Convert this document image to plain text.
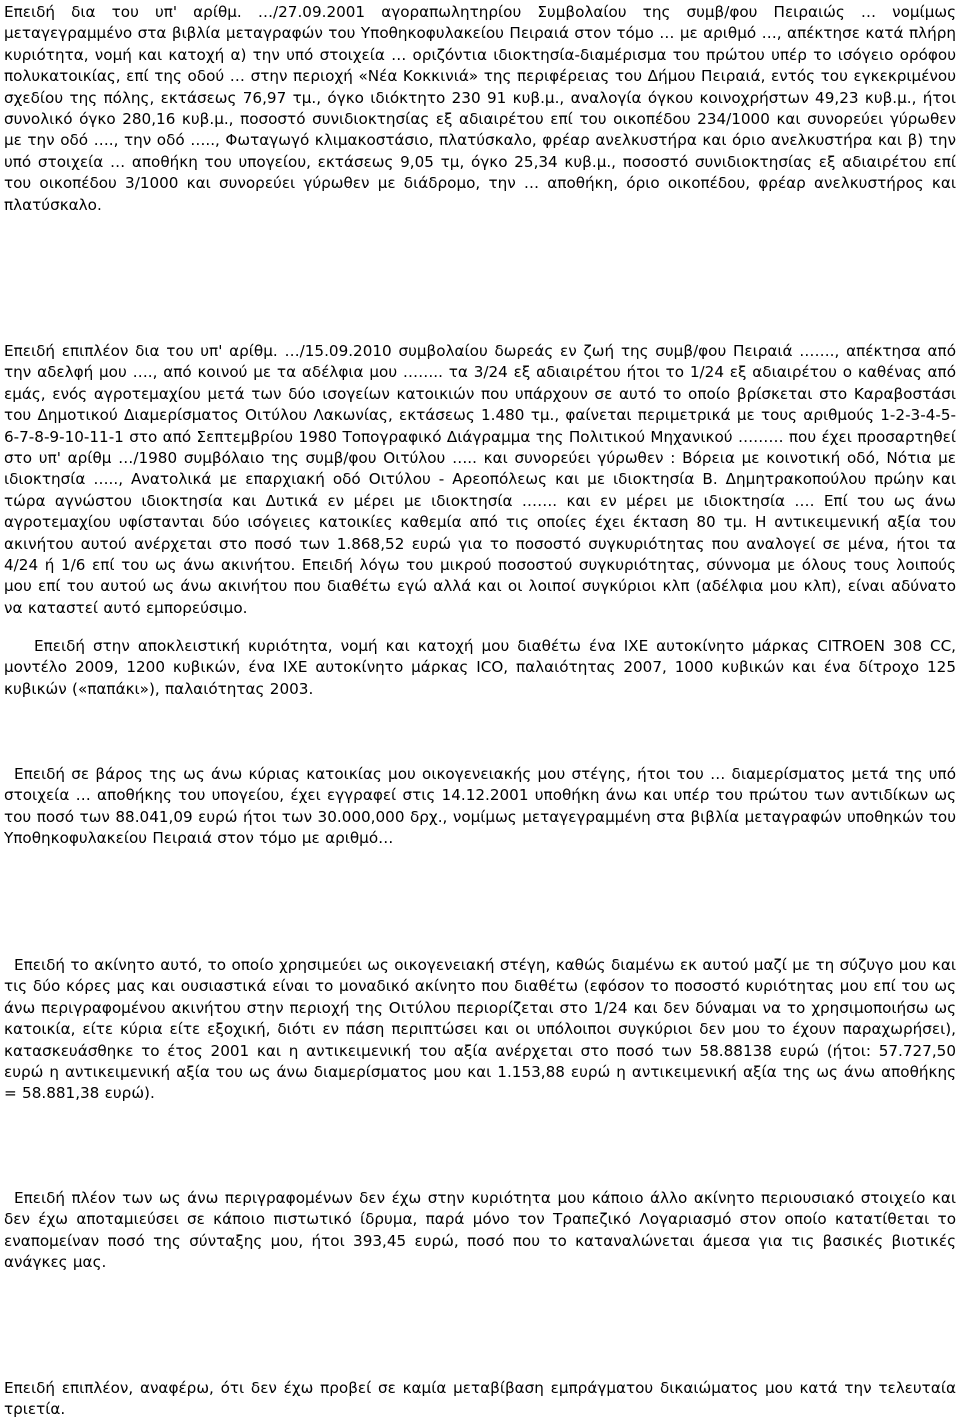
Επειδή δια του υπ' αρίθμ. …/27.09.2001 αγοραπωλητηρίου Συμβολαίου της συμβ/φου Πειραιώς … νομίμως μεταγεγραμμένο στα βιβλία μεταγραφών του Υποθηκοφυλακείου Πειραιά στον τόμο … με αριθμό …, απέκτησε κατά πλήρη κυριότητα, νομή και κατοχή α) την υπό στοιχεία … οριζόντια ιδιοκτησία-διαμέρισμα του πρώτου υπέρ το ισόγειο ορόφου πολυκατοικίας, επί της οδού … στην περιοχή «Νέα Κοκκινιά» της περιφέρειας του Δήμου Πειραιά, εντός του εγκεκριμένου σχεδίου της πόλης, εκτάσεως 76,97 τμ., όγκο ιδιόκτητο 230 91 κυβ.μ., αναλογία όγκου κοινοχρήστων 49,23 κυβ.μ., ήτοι συνολικό όγκο 280,16 κυβ.μ., ποσοστό συνιδιοκτησίας εξ αδιαιρέτου επί του οικοπέδου 234/1000 και συνορεύει γύρωθεν με την οδό …., την οδό ….., Φωταγωγό κλιμακοστάσιο, πλατύσκαλο, φρέαρ ανελκυστήρα και όριο ανελκυστήρα και β) την υπό στοιχεία … αποθήκη του υπογείου, εκτάσεως 9,05 τμ, όγκο 25,34 κυβ.μ., ποσοστό συνιδιοκτησίας εξ αδιαιρέτου επί του οικοπέδου 3/1000 και συνορεύει γύρωθεν με διάδρομο, την … αποθήκη, όριο οικοπέδου, φρέαρ ανελκυστήρος και πλατύσκαλο.

Επειδή επιπλέον δια του υπ' αρίθμ. …/15.09.2010 συμβολαίου δωρεάς εν ζωή της συμβ/φου Πειραιά ……., απέκτησα από την αδελφή μου …., από κοινού με τα αδέλφια μου …….. τα 3/24 εξ αδιαιρέτου ήτοι το 1/24 εξ αδιαιρέτου ο καθένας από εμάς, ενός αγροτεμαχίου μετά των δύο ισογείων κατοικιών που υπάρχουν σε αυτό το οποίο βρίσκεται στο Καραβοστάσι του Δημοτικού Διαμερίσματος Οιτύλου Λακωνίας, εκτάσεως 1.480 τμ., φαίνεται περιμετρικά με τους αριθμούς 1-2-3-4-5-6-7-8-9-10-11-1 στο από Σεπτεμβρίου 1980 Τοπογραφικό Διάγραμμα της Πολιτικού Μηχανικού ……… που έχει προσαρτηθεί στο υπ' αρίθμ …/1980 συμβόλαιο της συμβ/φου Οιτύλου ….. και συνορεύει γύρωθεν : Βόρεια με κοινοτική οδό, Νότια με ιδιοκτησία ….., Ανατολικά με επαρχιακή οδό Οιτύλου - Αρεοπόλεως και με ιδιοκτησία Β. Δημητρακοπούλου πρώην και τώρα αγνώστου ιδιοκτησία και Δυτικά εν μέρει με ιδιοκτησία ……. και εν μέρει με ιδιοκτησία …. Επί του ως άνω αγροτεμαχίου υφίστανται δύο ισόγειες κατοικίες καθεμία από τις οποίες έχει έκταση 80 τμ. Η αντικειμενική αξία του ακινήτου αυτού ανέρχεται στο ποσό των 1.868,52 ευρώ για το ποσοστό συγκυριότητας που αναλογεί σε μένα, ήτοι τα 4/24 ή 1/6 επί του ως άνω ακινήτου. Επειδή λόγω του μικρού ποσοστού συγκυριότητας, σύννομα με όλους τους λοιπούς μου επί του αυτού ως άνω ακινήτου που διαθέτω εγώ αλλά και οι λοιποί συγκύριοι κλπ (αδέλφια μου κλπ), είναι αδύνατο να καταστεί αυτό εμπορεύσιμο.

Επειδή στην αποκλειστική κυριότητα, νομή και κατοχή μου διαθέτω ένα ΙΧΕ αυτοκίνητο μάρκας CITROEN 308 CC, μοντέλο 2009, 1200 κυβικών, ένα ΙΧΕ αυτοκίνητο μάρκας ICO, παλαιότητας 2007, 1000 κυβικών και ένα δίτροχο 125 κυβικών («παπάκι»), παλαιότητας 2003.

Επειδή σε βάρος της ως άνω κύριας κατοικίας μου οικογενειακής μου στέγης, ήτοι του … διαμερίσματος μετά της υπό στοιχεία … αποθήκης του υπογείου, έχει εγγραφεί στις 14.12.2001 υποθήκη άνω και υπέρ του πρώτου των αντιδίκων ως του ποσό των 88.041,09 ευρώ ήτοι των 30.000,000 δρχ., νομίμως μεταγεγραμμένη στα βιβλία μεταγραφών υποθηκών του Υποθηκοφυλακείου Πειραιά στον τόμο με αριθμό…

Επειδή το ακίνητο αυτό, το οποίο χρησιμεύει ως οικογενειακή στέγη, καθώς διαμένω εκ αυτού μαζί με τη σύζυγο μου και τις δύο κόρες μας και ουσιαστικά είναι το μοναδικό ακίνητο που διαθέτω (εφόσον το ποσοστό κυριότητας μου επί του ως άνω περιγραφομένου ακινήτου στην περιοχή της Οιτύλου περιορίζεται στο 1/24 και δεν δύναμαι να το χρησιμοποιήσω ως κατοικία, είτε κύρια είτε εξοχική, διότι εν πάση περιπτώσει και οι υπόλοιποι συγκύριοι δεν μου το έχουν παραχωρήσει), κατασκευάσθηκε το έτος 2001 και η αντικειμενική του αξία ανέρχεται στο ποσό των 58.88138 ευρώ (ήτοι: 57.727,50 ευρώ η αντικειμενική αξία του ως άνω διαμερίσματος μου και 1.153,88 ευρώ η αντικειμενική αξία της ως άνω αποθήκης = 58.881,38 ευρώ).

Επειδή πλέον των ως άνω περιγραφομένων δεν έχω στην κυριότητα μου κάποιο άλλο ακίνητο περιουσιακό στοιχείο και δεν έχω αποταμιεύσει σε κάποιο πιστωτικό ίδρυμα, παρά μόνο τον Τραπεζικό Λογαριασμό στον οποίο κατατίθεται το εναπομείναν ποσό της σύνταξης μου, ήτοι 393,45 ευρώ, ποσό που το καταναλώνεται άμεσα για τις βασικές βιοτικές ανάγκες μας.

Επειδή επιπλέον, αναφέρω, ότι δεν έχω προβεί σε καμία μεταβίβαση εμπράγματου δικαιώματος μου κατά την τελευταία τριετία.
